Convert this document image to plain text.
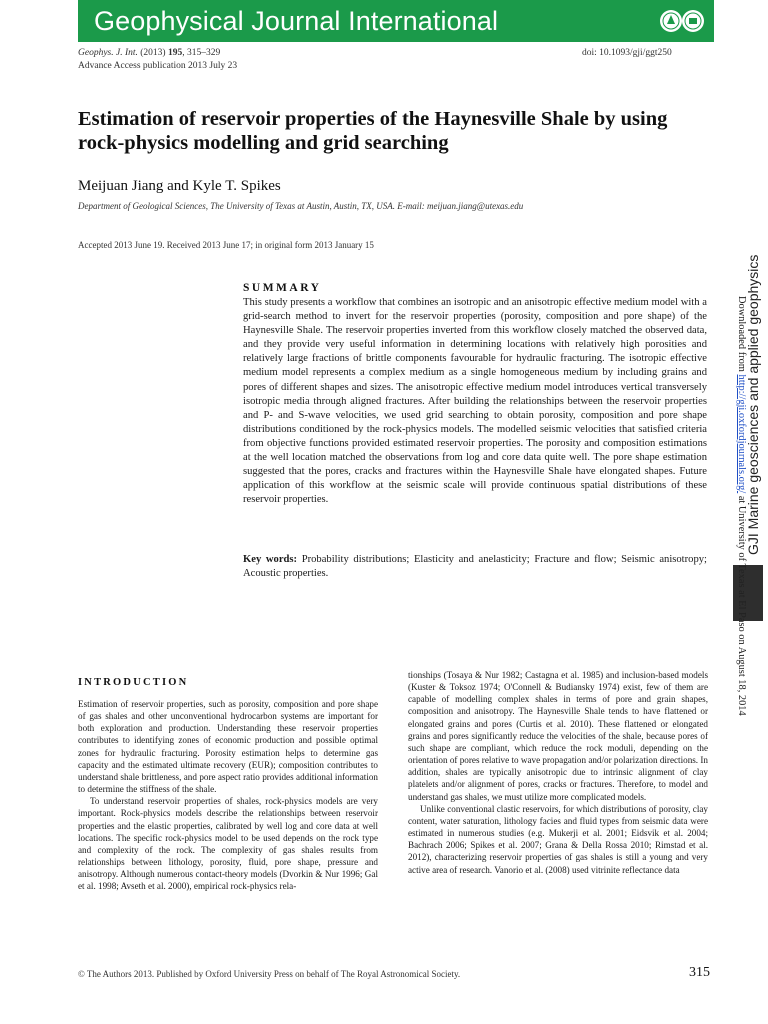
Geophysical Journal International
Geophys. J. Int. (2013) 195, 315–329
Advance Access publication 2013 July 23
doi: 10.1093/gji/ggt250
Estimation of reservoir properties of the Haynesville Shale by using rock-physics modelling and grid searching
Meijuan Jiang and Kyle T. Spikes
Department of Geological Sciences, The University of Texas at Austin, Austin, TX, USA. E-mail: meijuan.jiang@utexas.edu
Accepted 2013 June 19. Received 2013 June 17; in original form 2013 January 15
SUMMARY

This study presents a workflow that combines an isotropic and an anisotropic effective medium model with a grid-search method to invert for the reservoir properties (porosity, composition and pore shape) of the Haynesville Shale. The reservoir properties inverted from this workflow closely matched the observed data, and they provide very useful information in determining locations with relatively high porosities and relatively large fractions of brittle components favourable for hydraulic fracturing. The isotropic effective medium model represents a complex medium as a single homogeneous medium by including grains and pores of different shapes and sizes. The anisotropic effective medium model introduces vertical transversely isotropic media through aligned fractures. After building the relationships between the reservoir properties and P- and S-wave velocities, we used grid searching to obtain porosity, composition and pore shape distributions conditioned by the rock-physics models. The modelled seismic velocities that satisfied criteria from objective functions provided estimated reservoir properties. The porosity and composition estimations at the well location matched the observations from log and core data quite well. The pore shape estimation suggested that the pores, cracks and fractures within the Haynesville Shale have elongated shapes. Future application of this workflow at the seismic scale will provide continuous spatial distributions of these reservoir properties.

Key words: Probability distributions; Elasticity and anelasticity; Fracture and flow; Seismic anisotropy; Acoustic properties.

INTRODUCTION

Estimation of reservoir properties, such as porosity, composition and pore shape of gas shales and other unconventional hydrocarbon systems are important for both exploration and production. Understanding these reservoir properties contributes to identifying zones of economic production and possible optimal zones for hydraulic fracturing. Porosity estimation helps to determine gas capacity and the estimated ultimate recovery (EUR); composition contributes to understand shale brittleness, and pore aspect ratio provides additional information to determine the stiffness of the shale.

To understand reservoir properties of shales, rock-physics models are very important. Rock-physics models describe the relationships between reservoir properties and the elastic properties, calibrated by well log and core data at well locations. The specific rock-physics model to be used depends on the rock type and complexity of the rock. The complexity of gas shales results from relationships between lithology, porosity, fluid, pore shape, pressure and anisotropy. Although numerous contact-theory models (Dvorkin & Nur 1996; Gal et al. 1998; Avseth et al. 2000), empirical rock-physics rela-

tionships (Tosaya & Nur 1982; Castagna et al. 1985) and inclusion-based models (Kuster & Toksoz 1974; O'Connell & Budiansky 1974) exist, few of them are capable of modelling complex shales in terms of pore and grain shapes, composition and anisotropy. The Haynesville Shale tends to have flattened or elongated grains and pores (Curtis et al. 2010). These flattened or elongated grains and pores significantly reduce the velocities of the shale, because pores of such shape are compliant, which reduce the rock moduli, depending on the orientation of pores relative to wave propagation and/or polarization directions. In addition, shales are typically anisotropic due to intrinsic alignment of clay platelets and/or alignment of pores, cracks or fractures. Therefore, to model and understand gas shales, we must utilize more complicated models.

Unlike conventional clastic reservoirs, for which distributions of porosity, clay content, water saturation, lithology facies and fluid types from seismic data were estimated in numerous studies (e.g. Mukerji et al. 2001; Eidsvik et al. 2004; Bachrach 2006; Spikes et al. 2007; Grana & Della Rossa 2010; Rimstad et al. 2012), characterizing reservoir properties of gas shales is still a young and very active area of research. Vanorio et al. (2008) used vitrinite reflectance data

© The Authors 2013. Published by Oxford University Press on behalf of The Royal Astronomical Society.	315
GJI Marine geosciences and applied geophysics
Downloaded from http://gji.oxfordjournals.org/ at University of Texas at El Paso on August 18, 2014
